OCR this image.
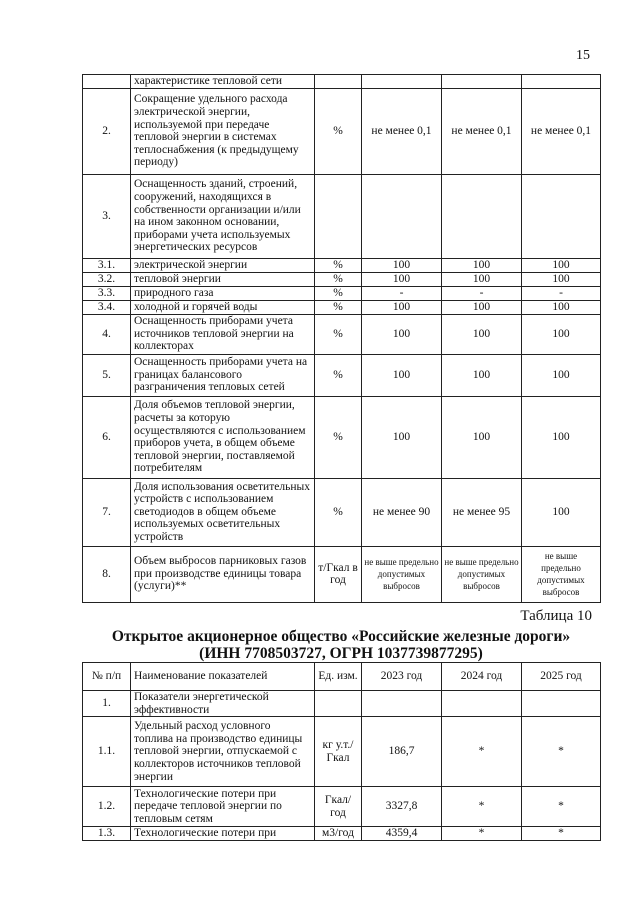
15
	характеристике тепловой сети				
2.	Сокращение удельного расхода электрической энергии, используемой при передаче тепловой энергии в системах теплоснабжения (к предыдущему периоду)	%	не менее 0,1	не менее 0,1	не менее 0,1
3.	Оснащенность зданий, строений, сооружений, находящихся в собственности организации и/или на ином законном основании, приборами учета используемых энергетических ресурсов				
3.1.	электрической энергии	%	100	100	100
3.2.	тепловой энергии	%	100	100	100
3.3.	природного газа	%	-	-	-
3.4.	холодной и горячей воды	%	100	100	100
4.	Оснащенность приборами учета источников тепловой энергии на коллекторах	%	100	100	100
5.	Оснащенность приборами учета на границах балансового разграничения тепловых сетей	%	100	100	100
6.	Доля объемов тепловой энергии, расчеты за которую осуществляются с использованием приборов учета, в общем объеме тепловой энергии, поставляемой потребителям	%	100	100	100
7.	Доля использования осветительных устройств с использованием светодиодов в общем объеме используемых осветительных устройств	%	не менее 90	не менее 95	100
8.	Объем выбросов парниковых газов при производстве единицы товара (услуги)**	т/Гкал в год	не выше предельно допустимых выбросов	не выше предельно допустимых выбросов	не выше предельно допустимых выбросов
Таблица 10
Открытое акционерное общество «Российские железные дороги»
(ИНН 7708503727, ОГРН 1037739877295)
№ п/п	Наименование показателей	Ед. изм.	2023 год	2024 год	2025 год
1.	Показатели энергетической эффективности				
1.1.	Удельный расход условного топлива на производство единицы тепловой энергии, отпускаемой с коллекторов источников тепловой энергии	кг у.т./ Гкал	186,7	*	*
1.2.	Технологические потери при передаче тепловой энергии по тепловым сетям	Гкал/ год	3327,8	*	*
1.3.	Технологические потери при	м3/год	4359,4	*	*
